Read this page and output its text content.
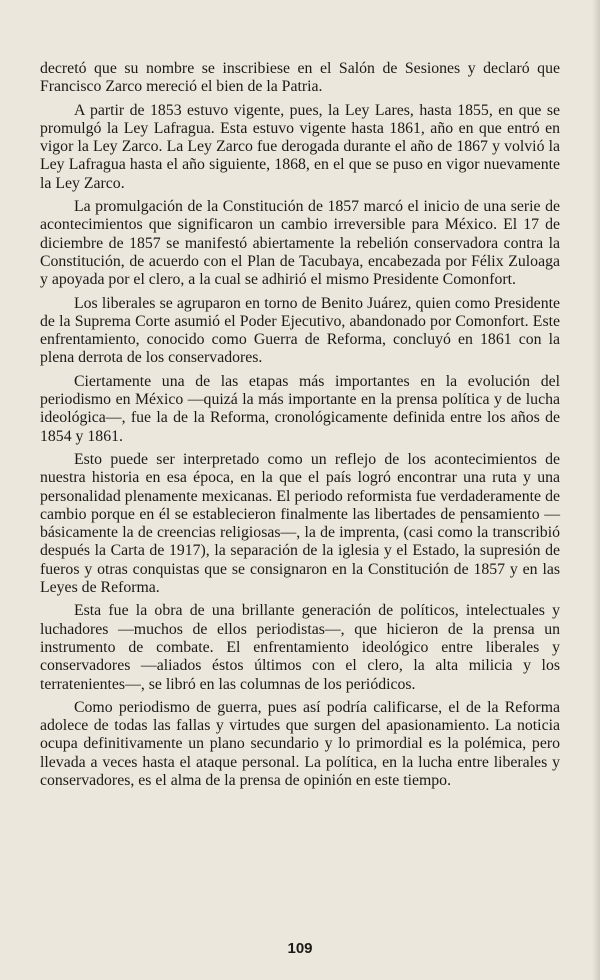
decretó que su nombre se inscribiese en el Salón de Sesiones y declaró que Francisco Zarco mereció el bien de la Patria.

A partir de 1853 estuvo vigente, pues, la Ley Lares, hasta 1855, en que se promulgó la Ley Lafragua. Esta estuvo vigente hasta 1861, año en que entró en vigor la Ley Zarco. La Ley Zarco fue derogada durante el año de 1867 y volvió la Ley Lafragua hasta el año siguiente, 1868, en el que se puso en vigor nuevamente la Ley Zarco.

La promulgación de la Constitución de 1857 marcó el inicio de una serie de acontecimientos que significaron un cambio irreversible para México. El 17 de diciembre de 1857 se manifestó abiertamente la rebelión conservadora contra la Constitución, de acuerdo con el Plan de Tacubaya, encabezada por Félix Zuloaga y apoyada por el clero, a la cual se adhirió el mismo Presidente Comonfort.

Los liberales se agruparon en torno de Benito Juárez, quien como Presidente de la Suprema Corte asumió el Poder Ejecutivo, abandonado por Comonfort. Este enfrentamiento, conocido como Guerra de Reforma, concluyó en 1861 con la plena derrota de los conservadores.

Ciertamente una de las etapas más importantes en la evolución del periodismo en México —quizá la más importante en la prensa política y de lucha ideológica—, fue la de la Reforma, cronológicamente definida entre los años de 1854 y 1861.

Esto puede ser interpretado como un reflejo de los acontecimientos de nuestra historia en esa época, en la que el país logró encontrar una ruta y una personalidad plenamente mexicanas. El periodo reformista fue verdaderamente de cambio porque en él se establecieron finalmente las libertades de pensamiento —básicamente la de creencias religiosas—, la de imprenta, (casi como la transcribió después la Carta de 1917), la separación de la iglesia y el Estado, la supresión de fueros y otras conquistas que se consignaron en la Constitución de 1857 y en las Leyes de Reforma.

Esta fue la obra de una brillante generación de políticos, intelectuales y luchadores —muchos de ellos periodistas—, que hicieron de la prensa un instrumento de combate. El enfrentamiento ideológico entre liberales y conservadores —aliados éstos últimos con el clero, la alta milicia y los terratenientes—, se libró en las columnas de los periódicos.

Como periodismo de guerra, pues así podría calificarse, el de la Reforma adolece de todas las fallas y virtudes que surgen del apasionamiento. La noticia ocupa definitivamente un plano secundario y lo primordial es la polémica, pero llevada a veces hasta el ataque personal. La política, en la lucha entre liberales y conservadores, es el alma de la prensa de opinión en este tiempo.

109
